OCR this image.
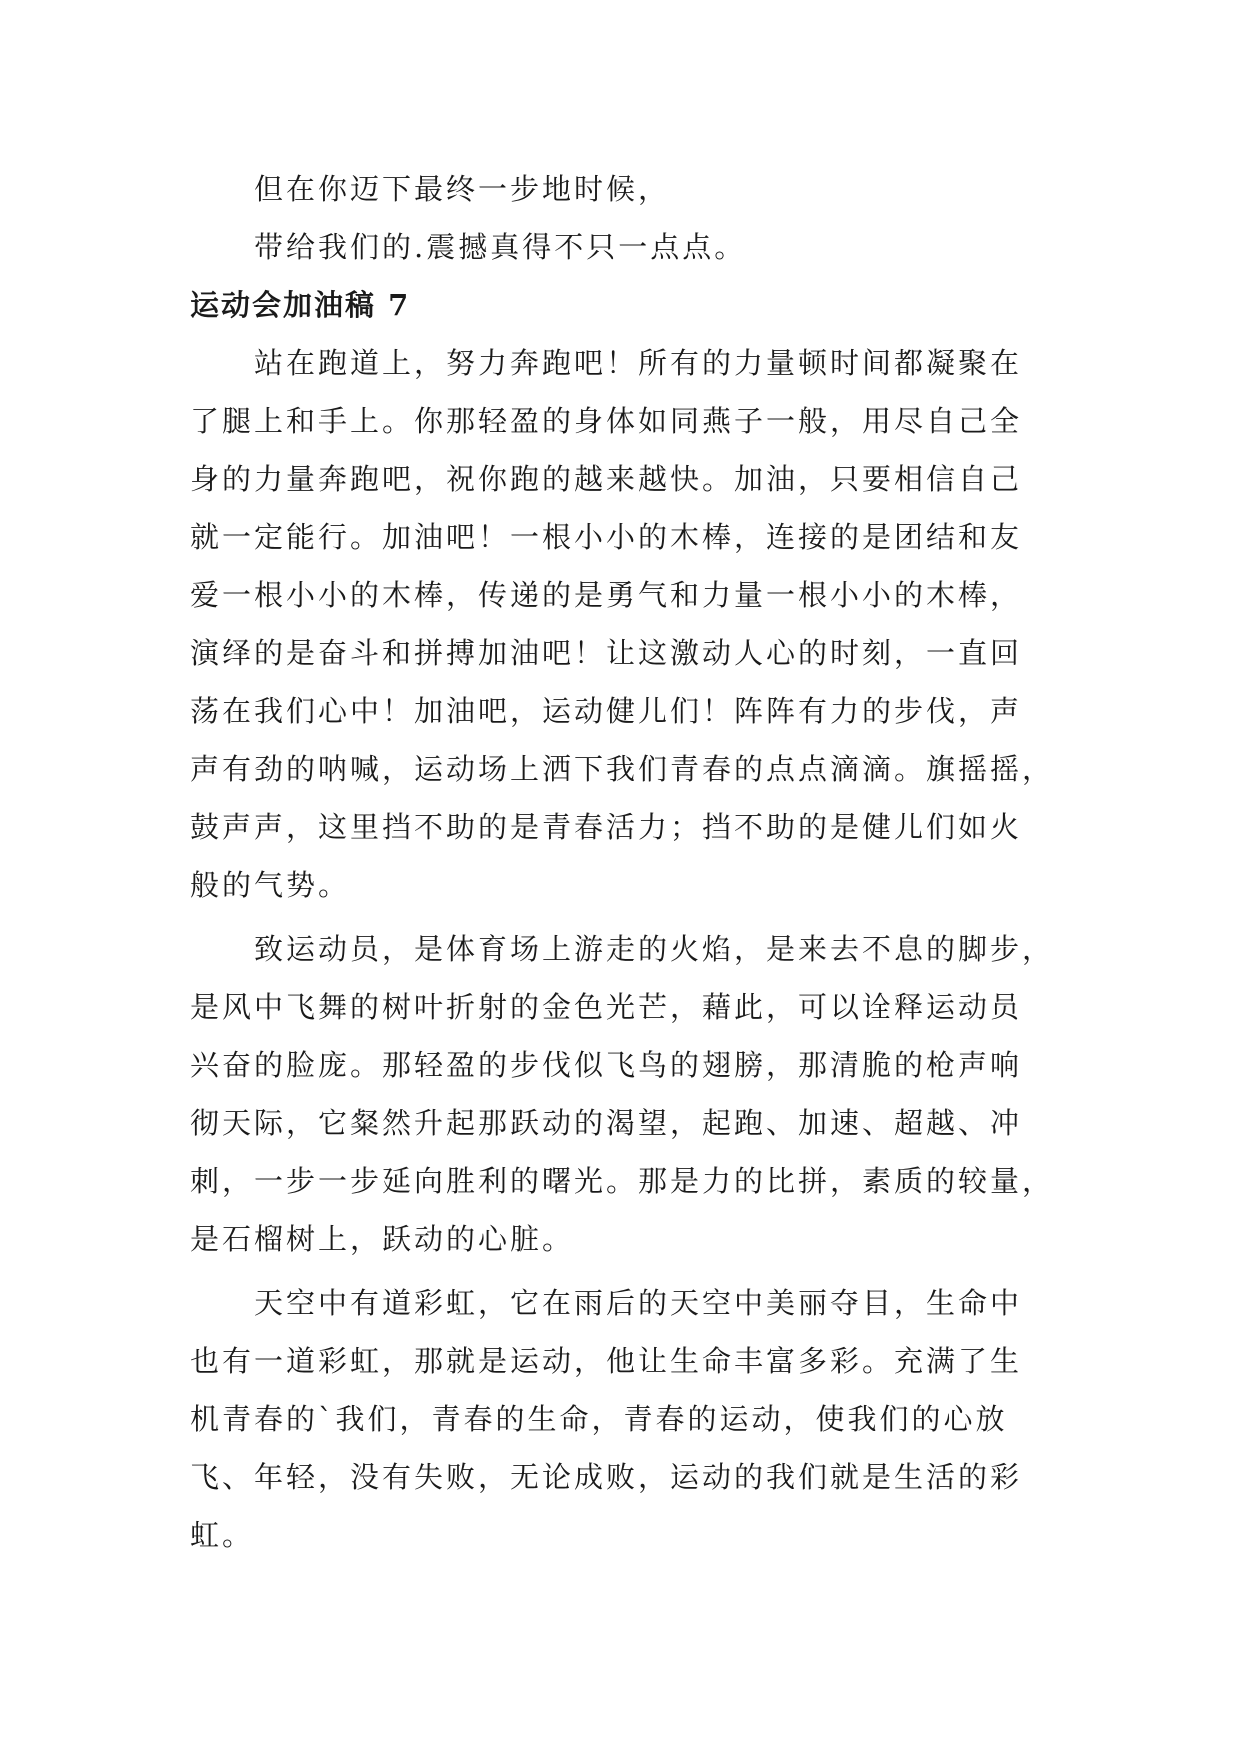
但在你迈下最终一步地时候，

带给我们的.震撼真得不只一点点。

运动会加油稿 7

站在跑道上，努力奔跑吧！所有的力量顿时间都凝聚在

了腿上和手上。你那轻盈的身体如同燕子一般，用尽自己全

身的力量奔跑吧，祝你跑的越来越快。加油，只要相信自己

就一定能行。加油吧！一根小小的木棒，连接的是团结和友

爱一根小小的木棒，传递的是勇气和力量一根小小的木棒，

演绎的是奋斗和拼搏加油吧！让这激动人心的时刻，一直回

荡在我们心中！加油吧，运动健儿们！阵阵有力的步伐，声

声有劲的呐喊，运动场上洒下我们青春的点点滴滴。旗摇摇，

鼓声声，这里挡不助的是青春活力；挡不助的是健儿们如火

般的气势。

致运动员，是体育场上游走的火焰，是来去不息的脚步，

是风中飞舞的树叶折射的金色光芒，藉此，可以诠释运动员

兴奋的脸庞。那轻盈的步伐似飞鸟的翅膀，那清脆的枪声响

彻天际，它粲然升起那跃动的渴望，起跑、加速、超越、冲

刺，一步一步延向胜利的曙光。那是力的比拼，素质的较量，

是石榴树上，跃动的心脏。

天空中有道彩虹，它在雨后的天空中美丽夺目，生命中

也有一道彩虹，那就是运动，他让生命丰富多彩。充满了生

机青春的`我们，青春的生命，青春的运动，使我们的心放

飞、年轻，没有失败，无论成败，运动的我们就是生活的彩

虹。
